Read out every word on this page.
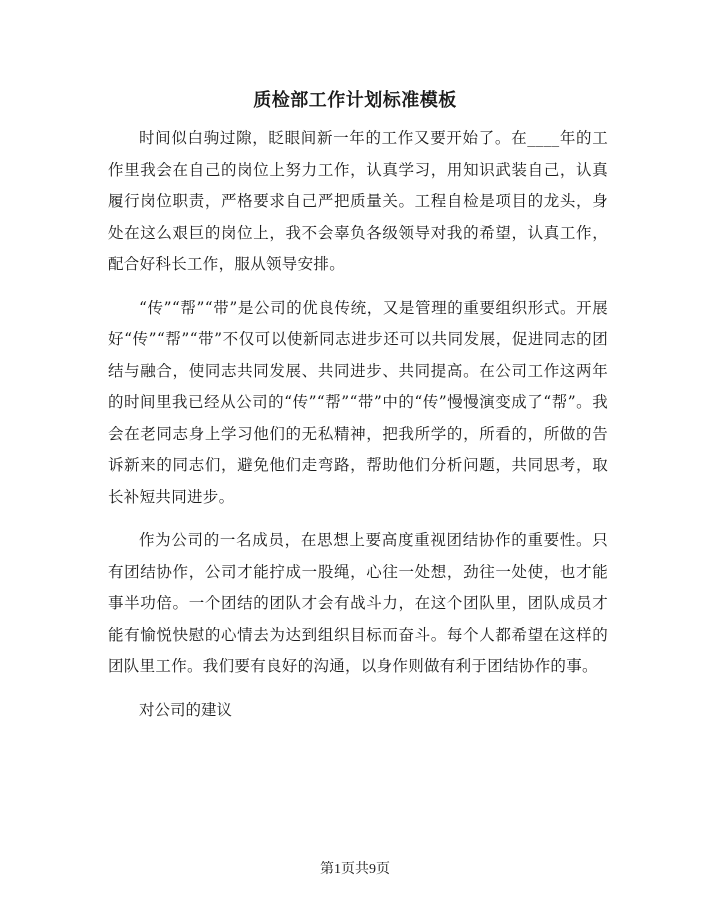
质检部工作计划标准模板

时间似白驹过隙，眨眼间新一年的工作又要开始了。在____年的工作里我会在自己的岗位上努力工作，认真学习，用知识武装自己，认真履行岗位职责，严格要求自己严把质量关。工程自检是项目的龙头，身处在这么艰巨的岗位上，我不会辜负各级领导对我的希望，认真工作，配合好科长工作，服从领导安排。

“传”“帮”“带”是公司的优良传统，又是管理的重要组织形式。开展好“传”“帮”“带”不仅可以使新同志进步还可以共同发展，促进同志的团结与融合，使同志共同发展、共同进步、共同提高。在公司工作这两年的时间里我已经从公司的“传”“帮”“带”中的“传”慢慢演变成了“帮”。我会在老同志身上学习他们的无私精神，把我所学的，所看的，所做的告诉新来的同志们，避免他们走弯路，帮助他们分析问题，共同思考，取长补短共同进步。

作为公司的一名成员，在思想上要高度重视团结协作的重要性。只有团结协作，公司才能拧成一股绳，心往一处想，劲往一处使，也才能事半功倍。一个团结的团队才会有战斗力，在这个团队里，团队成员才能有愉悦快慰的心情去为达到组织目标而奋斗。每个人都希望在这样的团队里工作。我们要有良好的沟通，以身作则做有利于团结协作的事。

对公司的建议

第1页共9页
